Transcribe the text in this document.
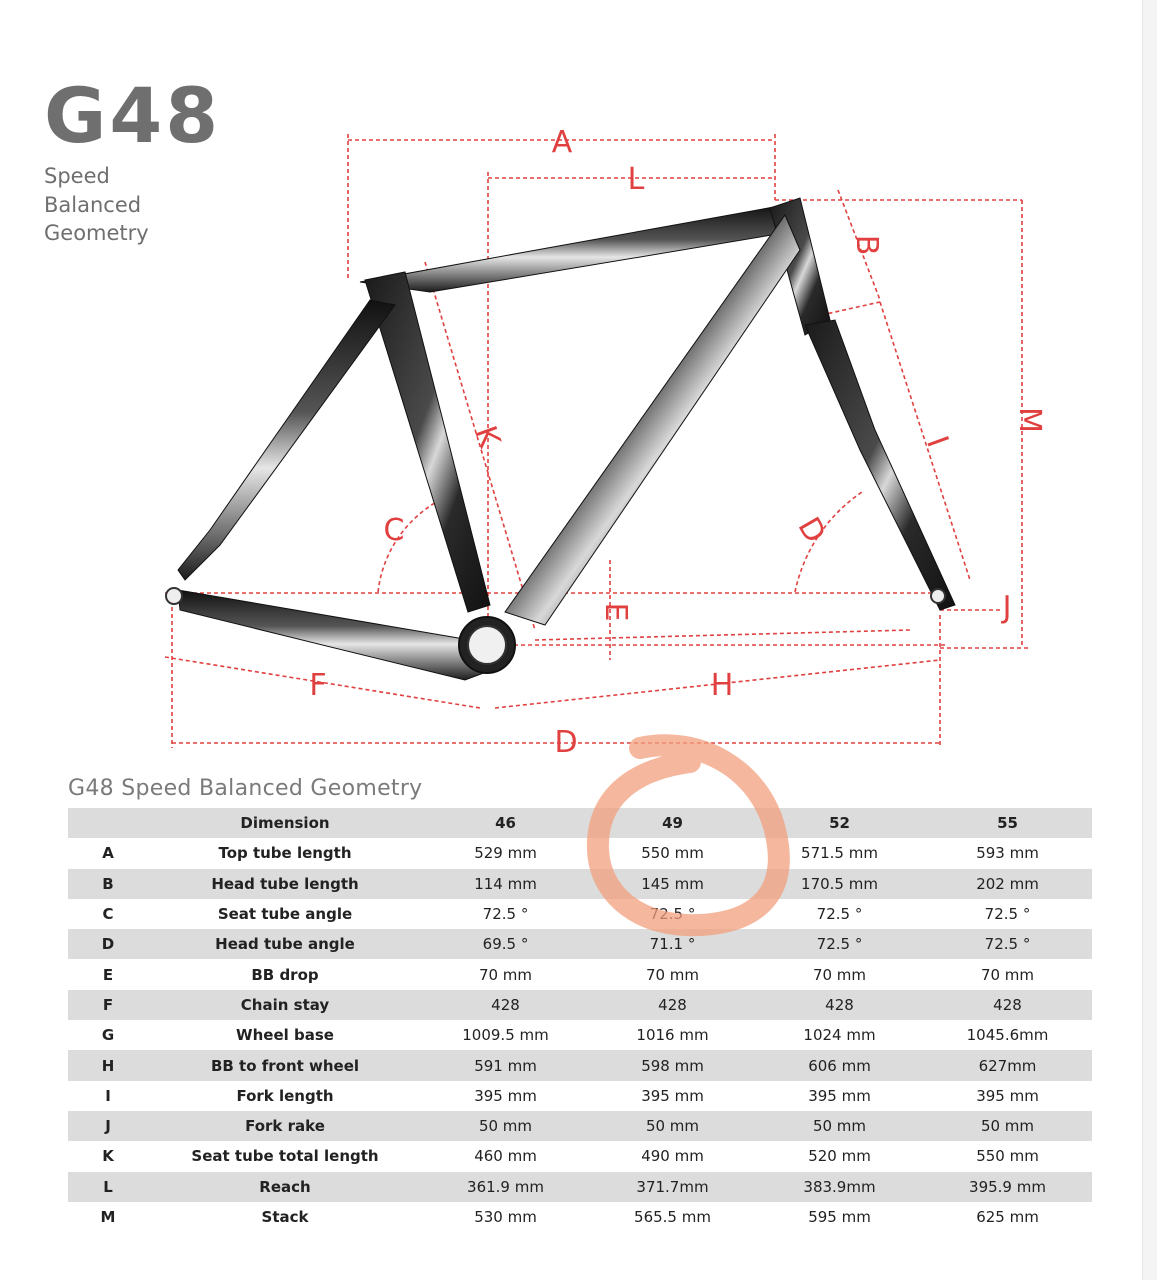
G48
Speed
Balanced
Geometry
A
L
B
M
K	I
C	D
E	J
F	H
D
G48 Speed Balanced Geometry
	Dimension	46	49	52	55
A	Top tube length	529 mm	550 mm	571.5 mm	593 mm
B	Head tube length	114 mm	145 mm	170.5 mm	202 mm
C	Seat tube angle	72.5 °	72.5 °	72.5 °	72.5 °
D	Head tube angle	69.5 °	71.1 °	72.5 °	72.5 °
E	BB drop	70 mm	70 mm	70 mm	70 mm
F	Chain stay	428	428	428	428
G	Wheel base	1009.5 mm	1016 mm	1024 mm	1045.6mm
H	BB to front wheel	591 mm	598 mm	606 mm	627mm
I	Fork length	395 mm	395 mm	395 mm	395 mm
J	Fork rake	50 mm	50 mm	50 mm	50 mm
K	Seat tube total length	460 mm	490 mm	520 mm	550 mm
L	Reach	361.9 mm	371.7mm	383.9mm	395.9 mm
M	Stack	530 mm	565.5 mm	595 mm	625 mm
